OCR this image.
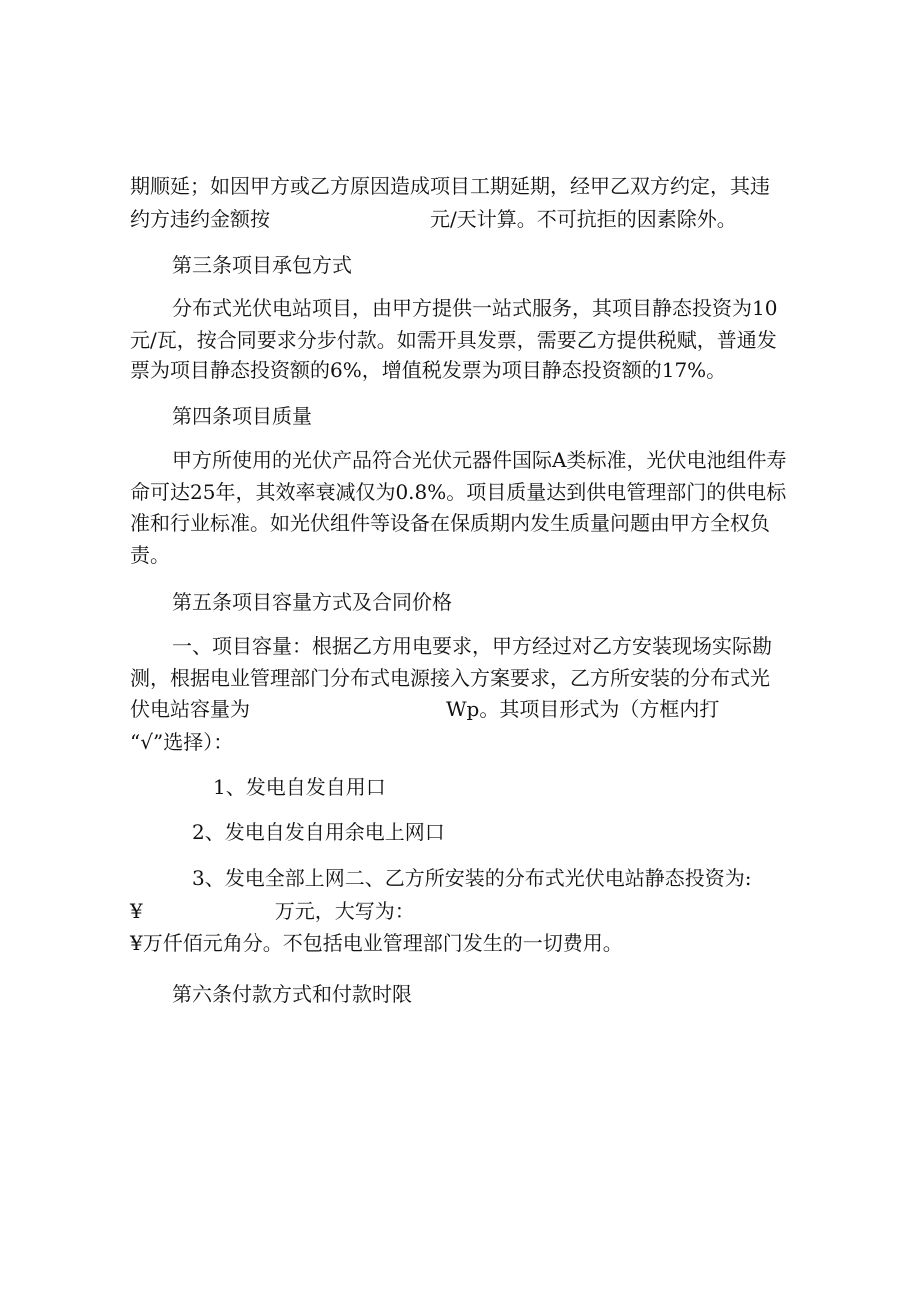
期顺延；如因甲方或乙方原因造成项目工期延期，经甲乙双方约定，其违
约方违约金额按	元/天计算。不可抗拒的因素除外。
第三条项目承包方式
分布式光伏电站项目，由甲方提供一站式服务，其项目静态投资为10
元/瓦，按合同要求分步付款。如需开具发票，需要乙方提供税赋，普通发
票为项目静态投资额的6%，增值税发票为项目静态投资额的17%。
第四条项目质量
甲方所使用的光伏产品符合光伏元器件国际A类标准，光伏电池组件寿
命可达25年，其效率衰减仅为0.8%。项目质量达到供电管理部门的供电标
准和行业标准。如光伏组件等设备在保质期内发生质量问题由甲方全权负
责。
第五条项目容量方式及合同价格
一、项目容量：根据乙方用电要求，甲方经过对乙方安装现场实际勘
测，根据电业管理部门分布式电源接入方案要求，乙方所安装的分布式光
伏电站容量为	Wp。其项目形式为（方框内打
“√”选择）：
1、发电自发自用口
2、发电自发自用余电上网口
3、发电全部上网二、乙方所安装的分布式光伏电站静态投资为:
¥	万元，大写为：
¥万仟佰元角分。不包括电业管理部门发生的一切费用。
第六条付款方式和付款时限
